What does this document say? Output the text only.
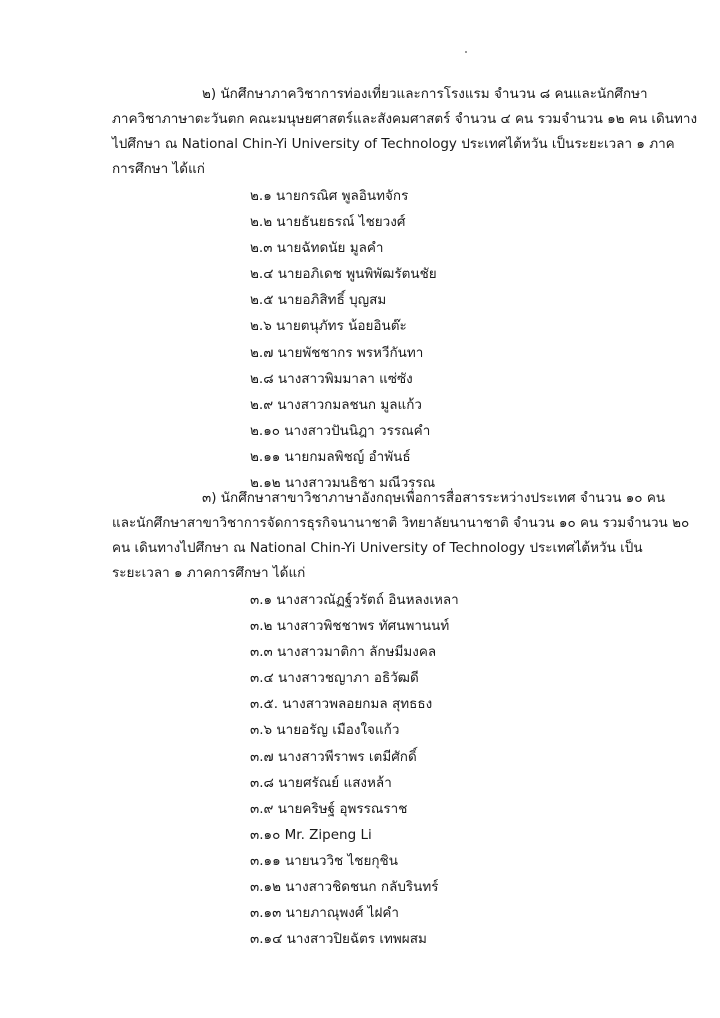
๒) นักศึกษาภาควิชาการท่องเที่ยวและการโรงแรม จำนวน ๘ คนและนักศึกษา
ภาควิชาภาษาตะวันตก คณะมนุษยศาสตร์และสังคมศาสตร์ จำนวน ๔ คน รวมจำนวน ๑๒ คน เดินทาง
ไปศึกษา ณ National Chin-Yi University of Technology ประเทศไต้หวัน เป็นระยะเวลา ๑ ภาค
การศึกษา ได้แก่

๒.๑ นายกรณิศ พูลอินทจักร
๒.๒ นายธันยธรณ์ ไชยวงศ์
๒.๓ นายฉัทดนัย มูลคำ
๒.๔ นายอภิเดช พูนพิพัฒรัตนชัย
๒.๕ นายอภิสิทธิ์ บุญสม
๒.๖ นายตนุภัทร น้อยอินต๊ะ
๒.๗ นายพัชชากร พรหวีกันทา
๒.๘ นางสาวพิมมาลา แซ่ซัง
๒.๙ นางสาวกมลชนก มูลแก้ว
๒.๑๐ นางสาวปันนิฎา วรรณคำ
๒.๑๑ นายกมลพิชญ์ อำพันธ์
๒.๑๒ นางสาวมนธิชา มณีวรรณ

๓) นักศึกษาสาขาวิชาภาษาอังกฤษเพื่อการสื่อสารระหว่างประเทศ จำนวน ๑๐ คน
และนักศึกษาสาขาวิชาการจัดการธุรกิจนานาชาติ วิทยาลัยนานาชาติ จำนวน ๑๐ คน รวมจำนวน ๒๐
คน เดินทางไปศึกษา ณ National Chin-Yi University of Technology ประเทศไต้หวัน เป็น
ระยะเวลา ๑ ภาคการศึกษา ได้แก่

๓.๑ นางสาวณัฏฐ์วรัตถ์ อินหลงเหลา
๓.๒ นางสาวพิชชาพร ทัศนพานนท์
๓.๓ นางสาวมาติกา ลักษมีมงคล
๓.๔ นางสาวชญาภา อธิวัฒดี
๓.๕. นางสาวพลอยกมล สุทธธง
๓.๖ นายอรัญ เมืองใจแก้ว
๓.๗ นางสาวพีราพร เตมีศักดิ์
๓.๘ นายศรัณย์ แสงหล้า
๓.๙ นายคริษฐ์ อุพรรณราช
๓.๑๐ Mr. Zipeng Li
๓.๑๑ นายนววิช ไชยกุชิน
๓.๑๒ นางสาวชิดชนก กลับรินทร์
๓.๑๓ นายภาณุพงศ์ ไฝคำ
๓.๑๔ นางสาวปิยฉัตร เทพผสม
